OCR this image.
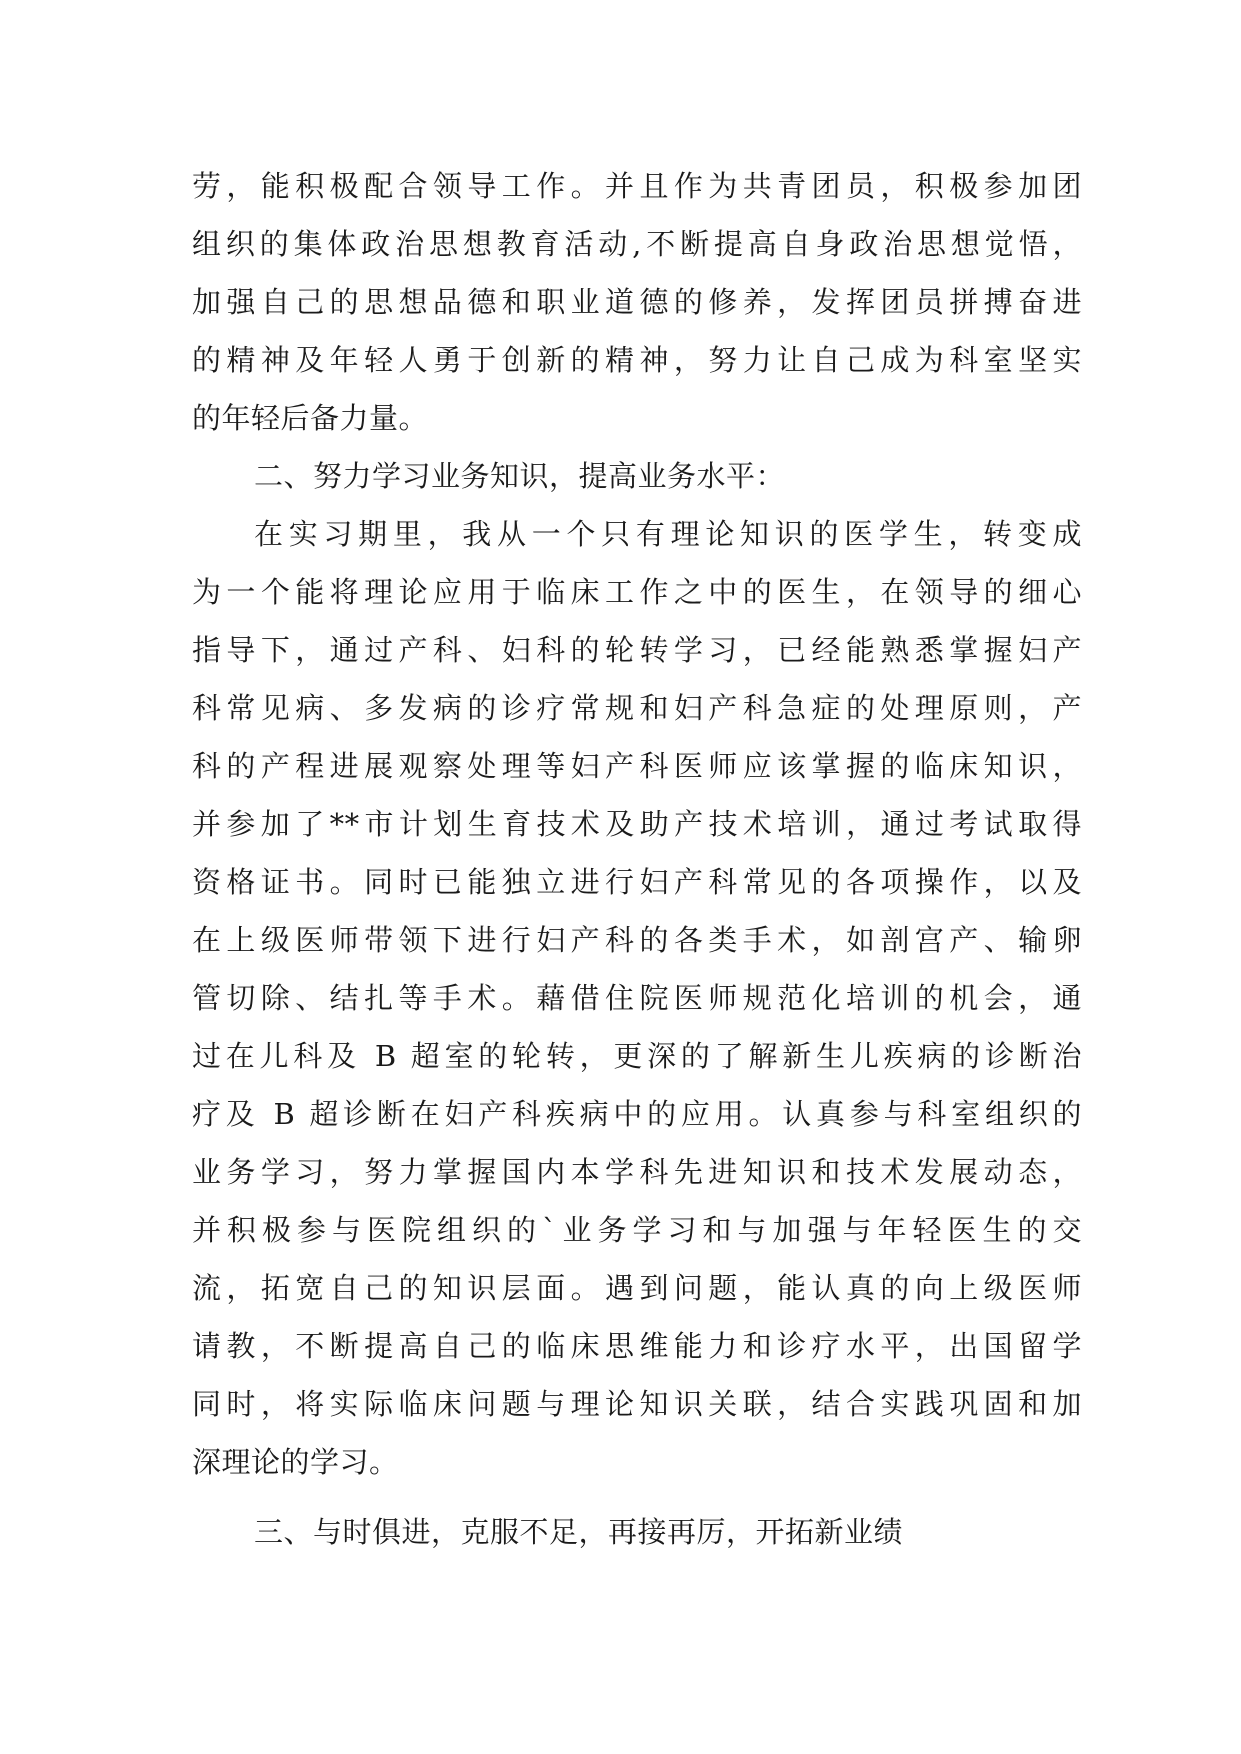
劳，能积极配合领导工作。并且作为共青团员，积极参加团
组织的集体政治思想教育活动,不断提高自身政治思想觉悟，
加强自己的思想品德和职业道德的修养，发挥团员拼搏奋进
的精神及年轻人勇于创新的精神，努力让自己成为科室坚实
的年轻后备力量。
二、努力学习业务知识，提高业务水平：
在实习期里，我从一个只有理论知识的医学生，转变成
为一个能将理论应用于临床工作之中的医生，在领导的细心
指导下，通过产科、妇科的轮转学习，已经能熟悉掌握妇产
科常见病、多发病的诊疗常规和妇产科急症的处理原则，产
科的产程进展观察处理等妇产科医师应该掌握的临床知识，
并参加了**市计划生育技术及助产技术培训，通过考试取得
资格证书。同时已能独立进行妇产科常见的各项操作，以及
在上级医师带领下进行妇产科的各类手术，如剖宫产、输卵
管切除、结扎等手术。藉借住院医师规范化培训的机会，通
过在儿科及 B 超室的轮转，更深的了解新生儿疾病的诊断治
疗及 B 超诊断在妇产科疾病中的应用。认真参与科室组织的
业务学习，努力掌握国内本学科先进知识和技术发展动态，
并积极参与医院组织的`业务学习和与加强与年轻医生的交
流，拓宽自己的知识层面。遇到问题，能认真的向上级医师
请教，不断提高自己的临床思维能力和诊疗水平，出国留学
同时，将实际临床问题与理论知识关联，结合实践巩固和加
深理论的学习。
三、与时俱进，克服不足，再接再厉，开拓新业绩
